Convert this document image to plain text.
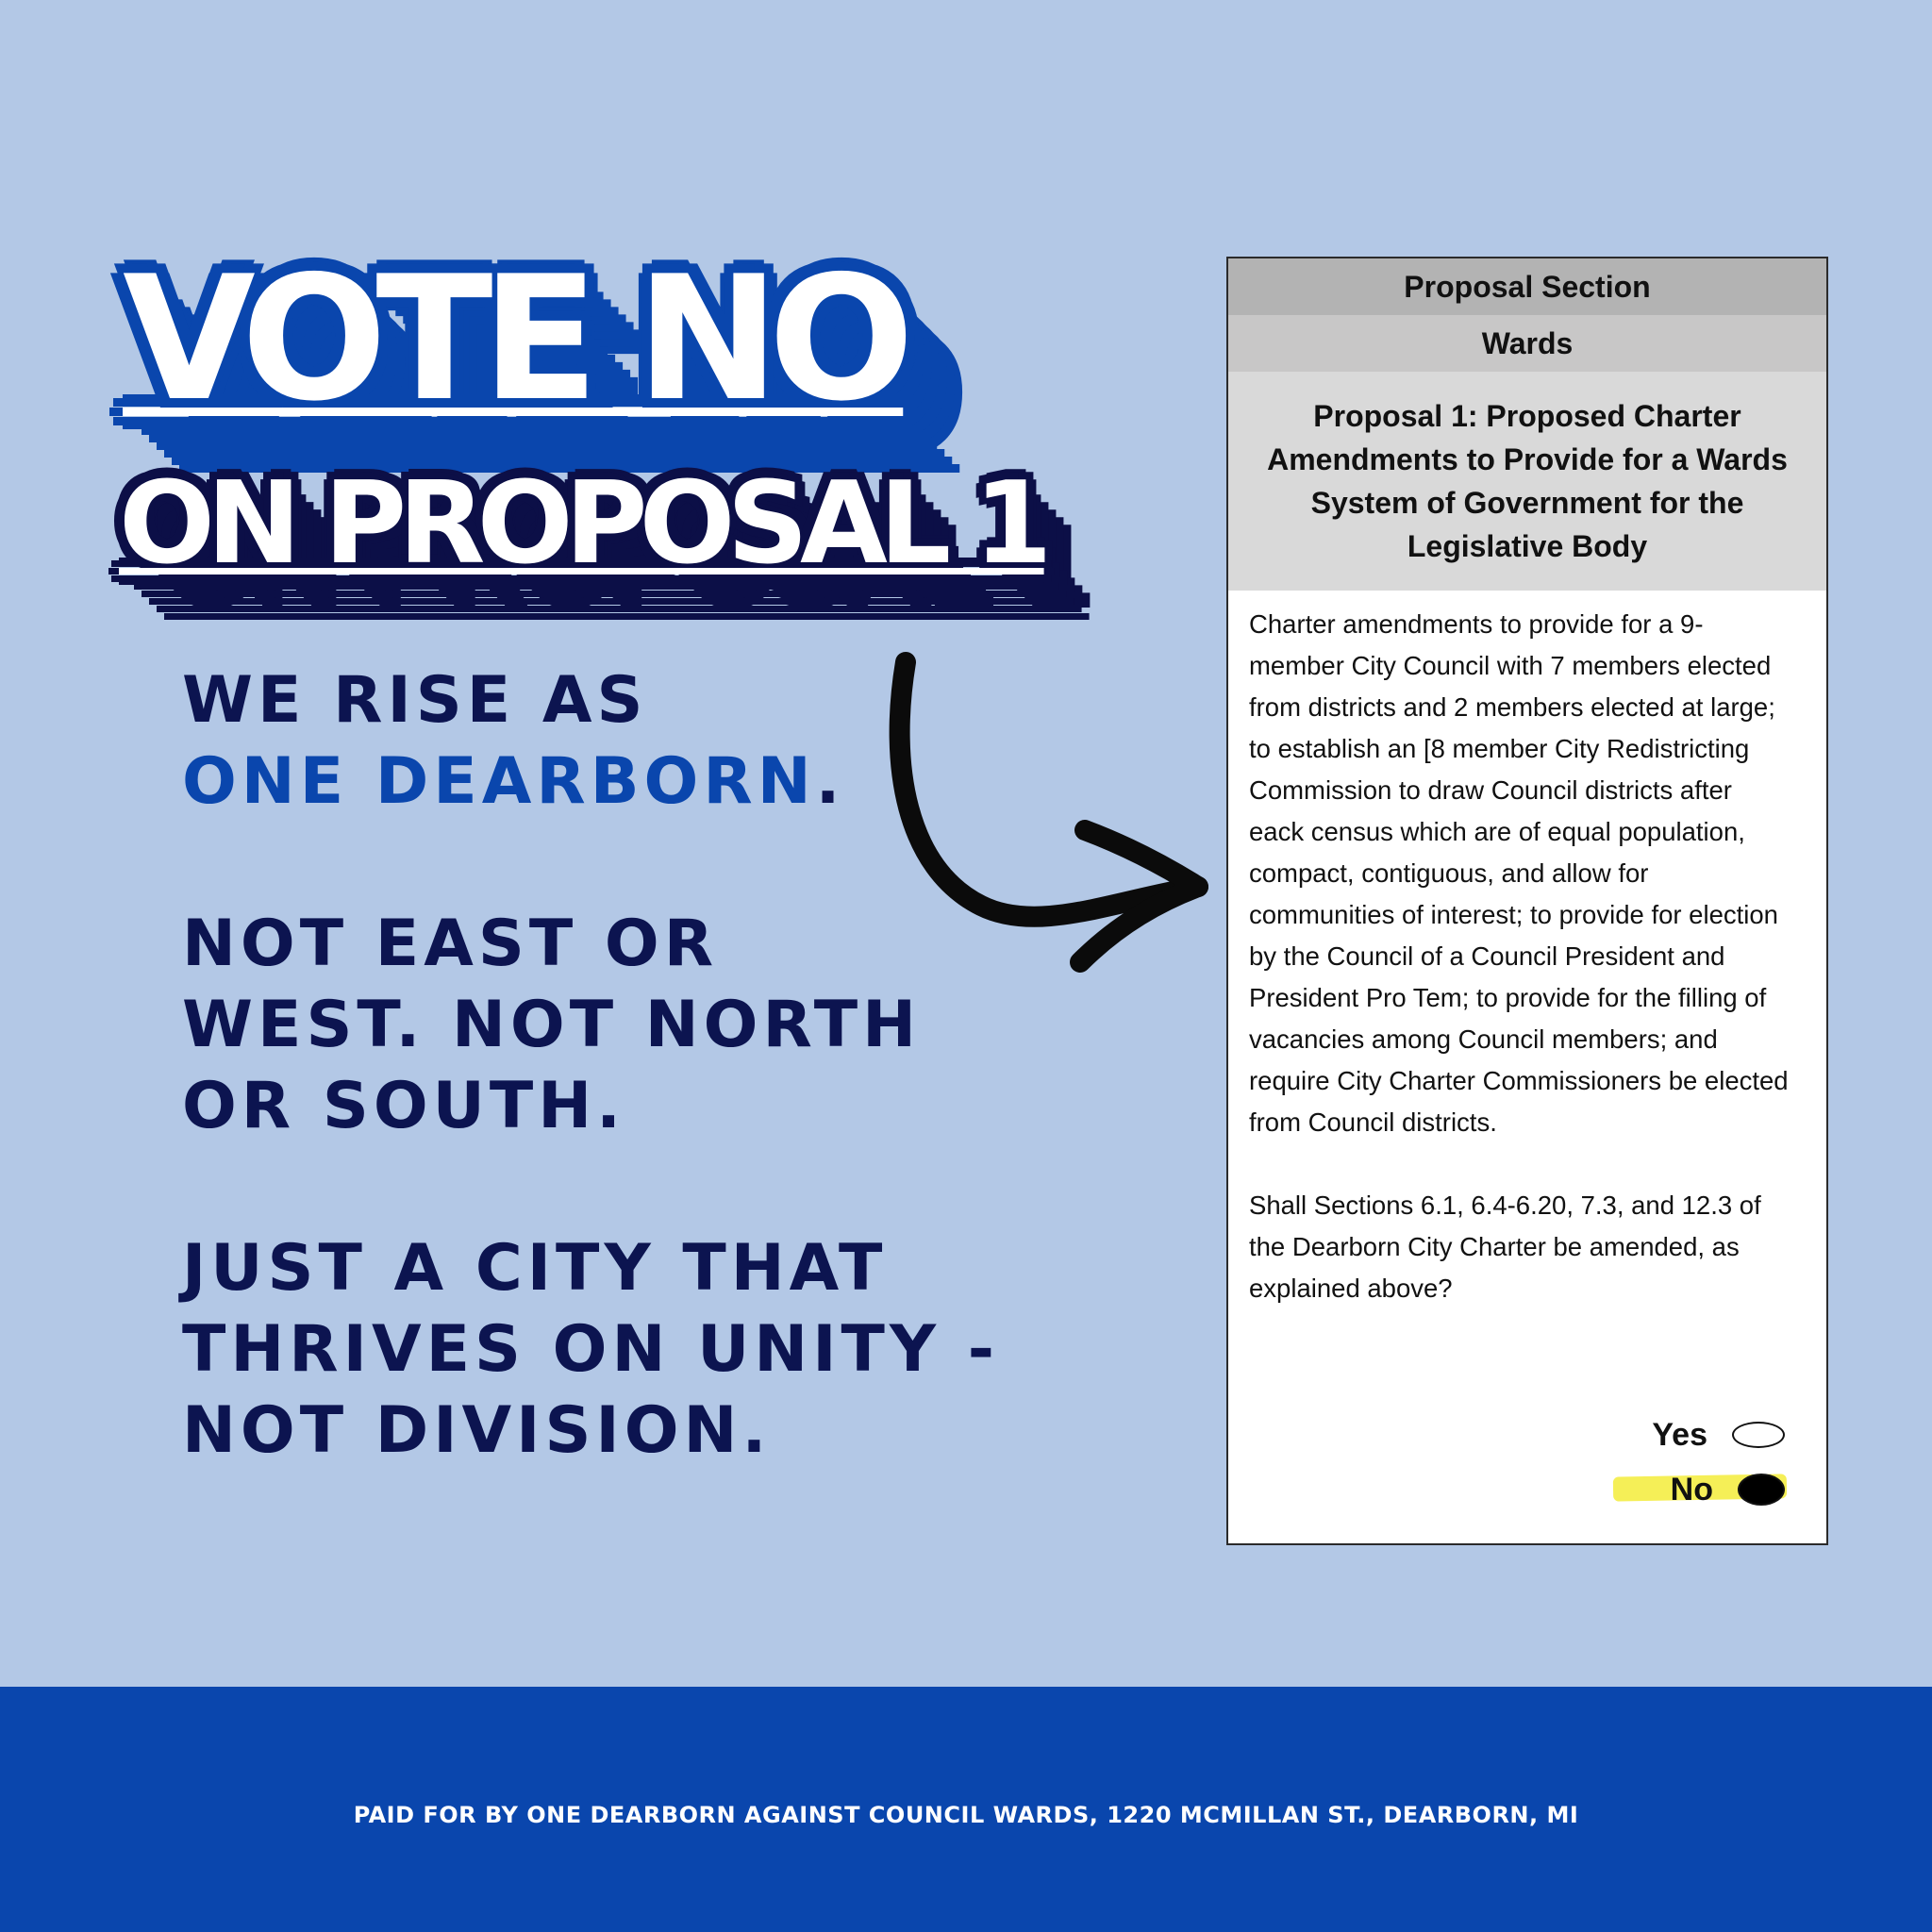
VOTE NO
ON PROPOSAL 1

WE RISE AS

ONE DEARBORN.

NOT EAST OR

WEST. NOT NORTH

OR SOUTH.

JUST A CITY THAT

THRIVES ON UNITY -

NOT DIVISION.

Proposal Section
Wards
Proposal 1: Proposed Charter
Amendments to Provide for a Wards
System of Government for the
Legislative Body

Charter amendments to provide for a 9-

member City Council with 7 members elected

from districts and 2 members elected at large;

to establish an [8 member City Redistricting

Commission to draw Council districts after

eack census which are of equal population,

compact, contiguous, and allow for

communities of interest; to provide for election

by the Council of a Council President and

President Pro Tem; to provide for the filling of

vacancies among Council members; and

require City Charter Commissioners be elected

from Council districts.

Shall Sections 6.1, 6.4-6.20, 7.3, and 12.3 of

the Dearborn City Charter be amended, as

explained above?

Yes
No
PAID FOR BY ONE DEARBORN AGAINST COUNCIL WARDS, 1220 MCMILLAN ST., DEARBORN, MI
